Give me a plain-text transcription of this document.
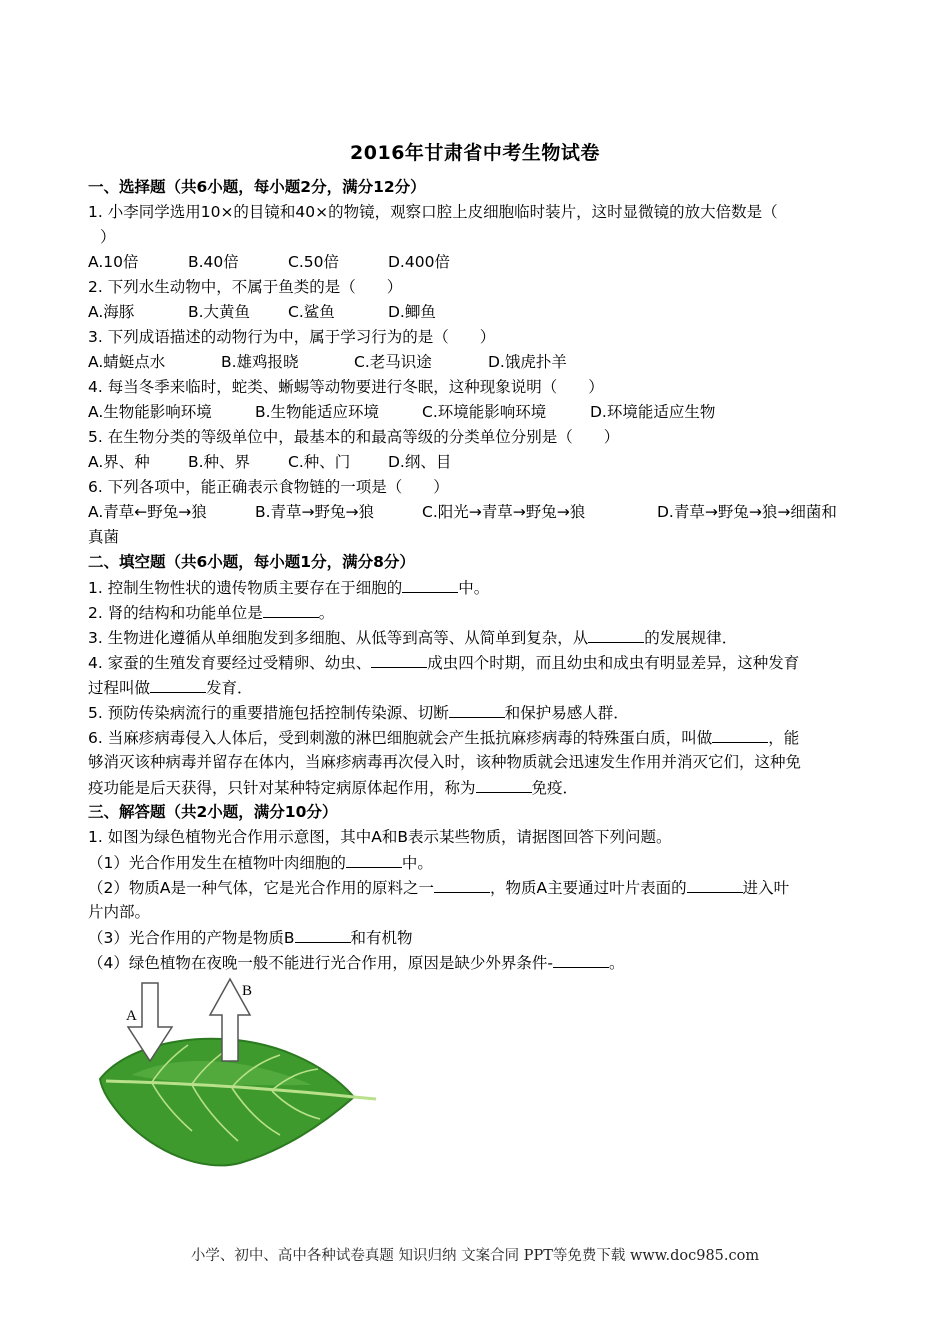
2016年甘肃省中考生物试卷
一、选择题（共6小题，每小题2分，满分12分）
1. 小李同学选用10×的目镜和40×的物镜，观察口腔上皮细胞临时装片，这时显微镜的放大倍数是（
）
A.10倍	B.40倍	C.50倍	D.400倍
2. 下列水生动物中，不属于鱼类的是（　　）
A.海豚	B.大黄鱼	C.鲨鱼	D.鲫鱼
3. 下列成语描述的动物行为中，属于学习行为的是（　　）
A.蜻蜓点水	B.雄鸡报晓	C.老马识途	D.饿虎扑羊
4. 每当冬季来临时，蛇类、蜥蜴等动物要进行冬眠，这种现象说明（　　）
A.生物能影响环境	B.生物能适应环境	C.环境能影响环境	D.环境能适应生物
5. 在生物分类的等级单位中，最基本的和最高等级的分类单位分别是（　　）
A.界、种	B.种、界	C.种、门	D.纲、目
6. 下列各项中，能正确表示食物链的一项是（　　）
A.青草←野兔→狼	B.青草→野兔→狼	C.阳光→青草→野兔→狼	D.青草→野兔→狼→细菌和
真菌
二、填空题（共6小题，每小题1分，满分8分）
1. 控制生物性状的遗传物质主要存在于细胞的	中。
2. 肾的结构和功能单位是	。
3. 生物进化遵循从单细胞发到多细胞、从低等到高等、从简单到复杂，从	的发展规律．
4. 家蚕的生殖发育要经过受精卵、幼虫、	成虫四个时期，而且幼虫和成虫有明显差异，这种发育
过程叫做	发育．
5. 预防传染病流行的重要措施包括控制传染源、切断	和保护易感人群．
6. 当麻疹病毒侵入人体后，受到刺激的淋巴细胞就会产生抵抗麻疹病毒的特殊蛋白质，叫做	，能
够消灭该种病毒并留存在体内，当麻疹病毒再次侵入时，该种物质就会迅速发生作用并消灭它们，这种免
疫功能是后天获得，只针对某种特定病原体起作用，称为	免疫．
三、解答题（共2小题，满分10分）
1. 如图为绿色植物光合作用示意图，其中A和B表示某些物质，请据图回答下列问题。
（1）光合作用发生在植物叶肉细胞的	中。
（2）物质A是一种气体，它是光合作用的原料之一	，物质A主要通过叶片表面的	进入叶
片内部。
（3）光合作用的产物是物质B	和有机物
（4）绿色植物在夜晚一般不能进行光合作用，原因是缺少外界条件-	。
A
B
小学、初中、高中各种试卷真题 知识归纳 文案合同 PPT等免费下载 www.doc985.com
